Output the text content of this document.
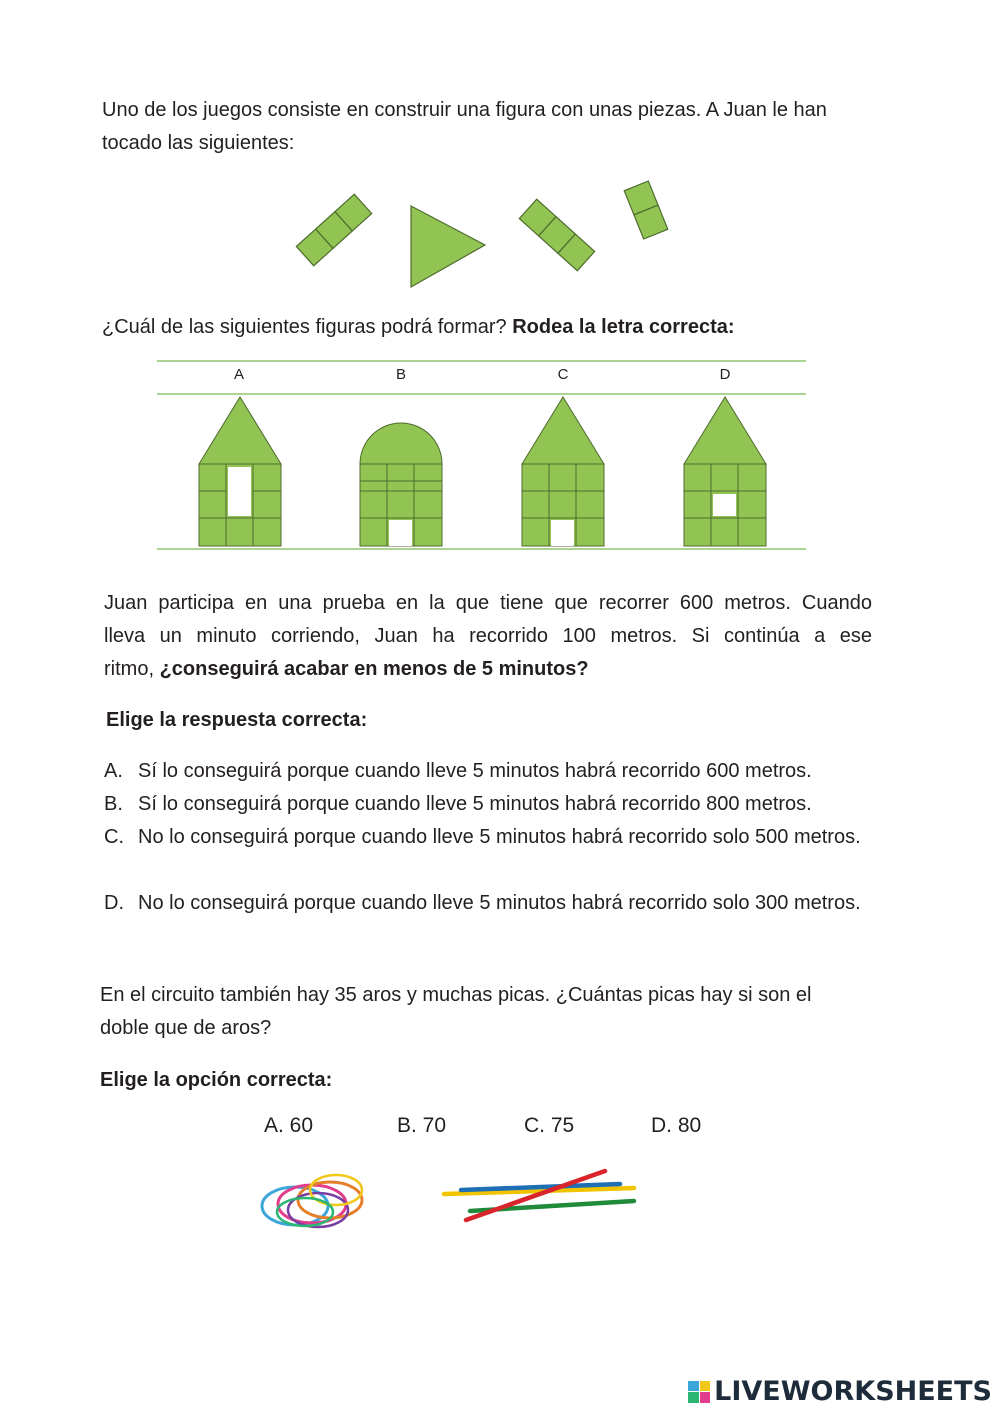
Uno de los juegos consiste en construir una figura con unas piezas. A Juan le han
tocado las siguientes:
¿Cuál de las siguientes figuras podrá formar? Rodea la letra correcta:
A	B	C	D
Juan participa en una prueba en la que tiene que recorrer 600 metros. Cuando
lleva un minuto corriendo, Juan ha recorrido 100 metros. Si continúa a ese
ritmo, ¿conseguirá acabar en menos de 5 minutos?
Elige la respuesta correcta:
A. Sí lo conseguirá porque cuando lleve 5 minutos habrá recorrido 600 metros.
B. Sí lo conseguirá porque cuando lleve 5 minutos habrá recorrido 800 metros.
C. No lo conseguirá porque cuando lleve 5 minutos habrá recorrido solo 500 metros.
D. No lo conseguirá porque cuando lleve 5 minutos habrá recorrido solo 300 metros.
En el circuito también hay 35 aros y muchas picas. ¿Cuántas picas hay si son el
doble que de aros?
Elige la opción correcta:
A. 60	B. 70	C. 75	D. 80
LIVEWORKSHEETS
